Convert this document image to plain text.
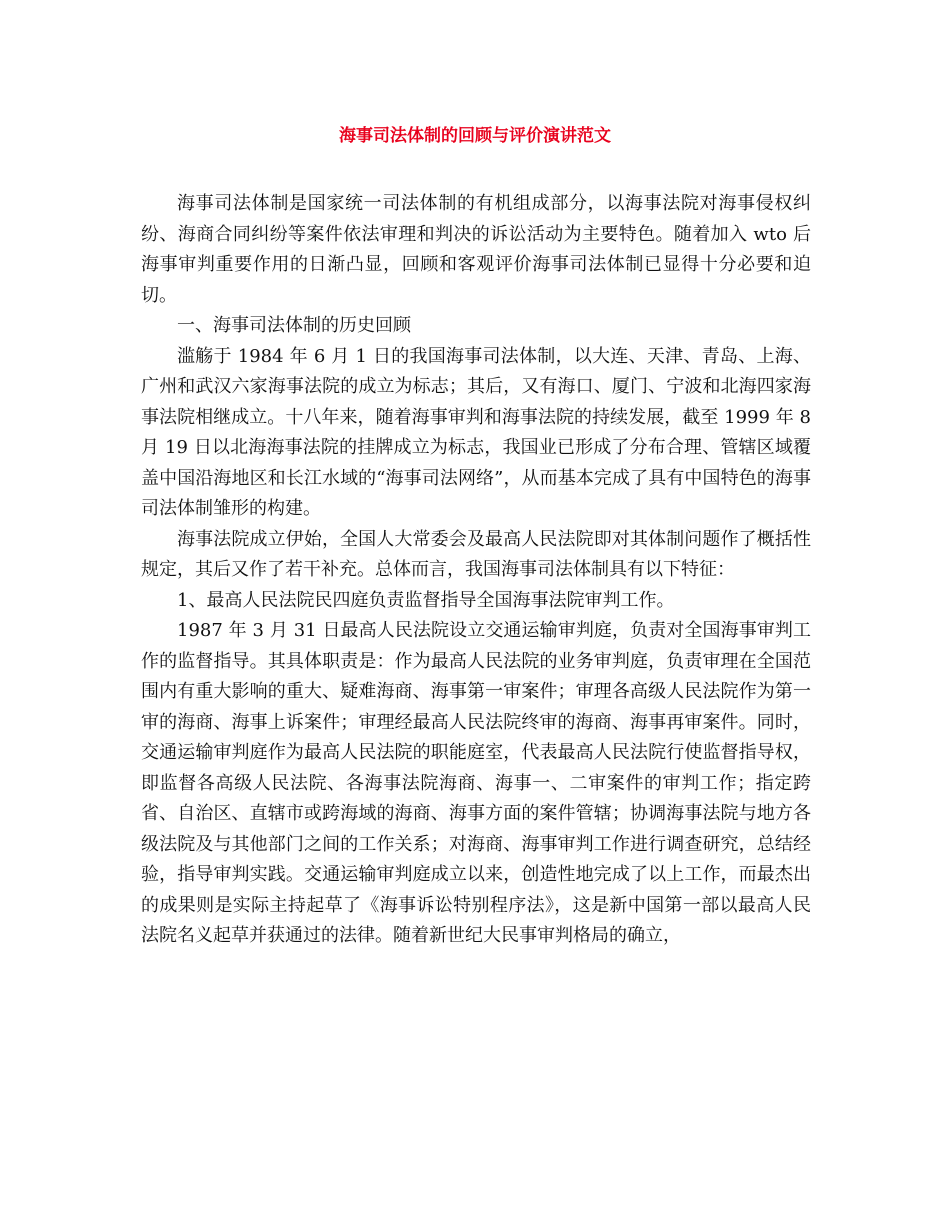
海事司法体制的回顾与评价演讲范文

海事司法体制是国家统一司法体制的有机组成部分，以海事法院对海事侵权纠纷、海商合同纠纷等案件依法审理和判决的诉讼活动为主要特色。随着加入 wto 后海事审判重要作用的日渐凸显，回顾和客观评价海事司法体制已显得十分必要和迫切。

一、海事司法体制的历史回顾

滥觞于 1984 年 6 月 1 日的我国海事司法体制，以大连、天津、青岛、上海、广州和武汉六家海事法院的成立为标志；其后，又有海口、厦门、宁波和北海四家海事法院相继成立。十八年来，随着海事审判和海事法院的持续发展，截至 1999 年 8 月 19 日以北海海事法院的挂牌成立为标志，我国业已形成了分布合理、管辖区域覆盖中国沿海地区和长江水域的“海事司法网络”，从而基本完成了具有中国特色的海事司法体制雏形的构建。

海事法院成立伊始，全国人大常委会及最高人民法院即对其体制问题作了概括性规定，其后又作了若干补充。总体而言，我国海事司法体制具有以下特征：

1、最高人民法院民四庭负责监督指导全国海事法院审判工作。

1987 年 3 月 31 日最高人民法院设立交通运输审判庭，负责对全国海事审判工作的监督指导。其具体职责是：作为最高人民法院的业务审判庭，负责审理在全国范围内有重大影响的重大、疑难海商、海事第一审案件；审理各高级人民法院作为第一审的海商、海事上诉案件；审理经最高人民法院终审的海商、海事再审案件。同时，交通运输审判庭作为最高人民法院的职能庭室，代表最高人民法院行使监督指导权，即监督各高级人民法院、各海事法院海商、海事一、二审案件的审判工作；指定跨省、自治区、直辖市或跨海域的海商、海事方面的案件管辖；协调海事法院与地方各级法院及与其他部门之间的工作关系；对海商、海事审判工作进行调查研究，总结经验，指导审判实践。交通运输审判庭成立以来，创造性地完成了以上工作，而最杰出的成果则是实际主持起草了《海事诉讼特别程序法》，这是新中国第一部以最高人民法院名义起草并获通过的法律。随着新世纪大民事审判格局的确立，
